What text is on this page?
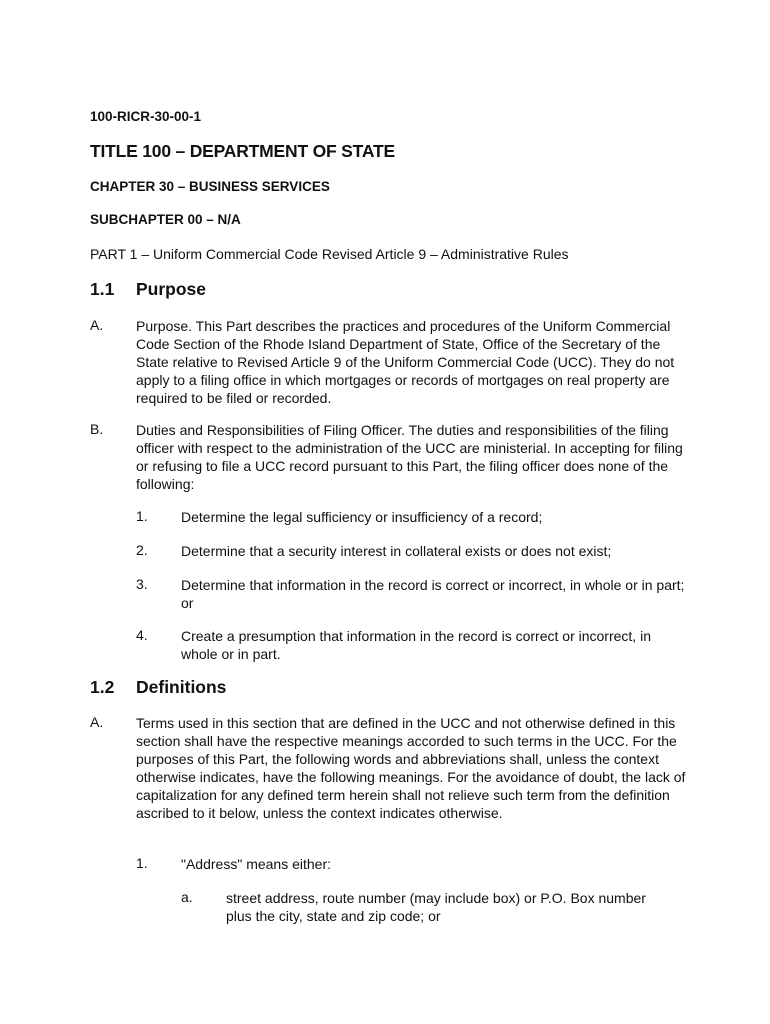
100-RICR-30-00-1
TITLE 100 – DEPARTMENT OF STATE
CHAPTER 30 – BUSINESS SERVICES
SUBCHAPTER 00 – N/A
PART 1 – Uniform Commercial Code Revised Article 9 – Administrative Rules
1.1 Purpose
A. Purpose. This Part describes the practices and procedures of the Uniform Commercial Code Section of the Rhode Island Department of State, Office of the Secretary of the State relative to Revised Article 9 of the Uniform Commercial Code (UCC). They do not apply to a filing office in which mortgages or records of mortgages on real property are required to be filed or recorded.
B. Duties and Responsibilities of Filing Officer. The duties and responsibilities of the filing officer with respect to the administration of the UCC are ministerial. In accepting for filing or refusing to file a UCC record pursuant to this Part, the filing officer does none of the following:
1. Determine the legal sufficiency or insufficiency of a record;
2. Determine that a security interest in collateral exists or does not exist;
3. Determine that information in the record is correct or incorrect, in whole or in part; or
4. Create a presumption that information in the record is correct or incorrect, in whole or in part.
1.2 Definitions
A. Terms used in this section that are defined in the UCC and not otherwise defined in this section shall have the respective meanings accorded to such terms in the UCC. For the purposes of this Part, the following words and abbreviations shall, unless the context otherwise indicates, have the following meanings. For the avoidance of doubt, the lack of capitalization for any defined term herein shall not relieve such term from the definition ascribed to it below, unless the context indicates otherwise.
1. "Address" means either:
a. street address, route number (may include box) or P.O. Box number plus the city, state and zip code; or
